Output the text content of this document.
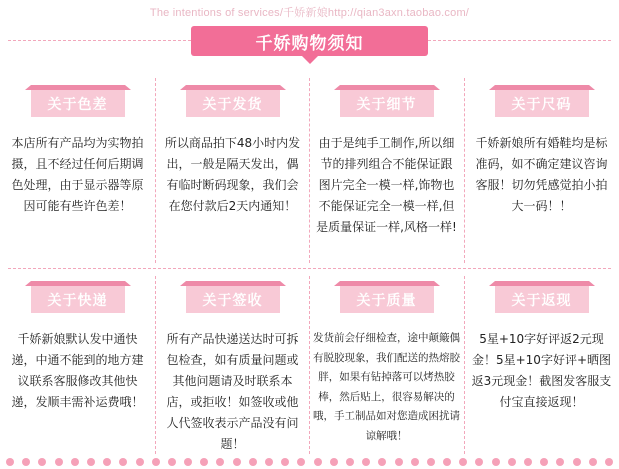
The intentions of services/千娇新娘http://qian3axn.taobao.com/
千娇购物须知
关于色差
本店所有产品均为实物拍摄，且不经过任何后期调色处理，由于显示器等原因可能有些许色差！
关于发货
所以商品拍下48小时内发出，一般是隔天发出，偶有临时断码现象，我们会在您付款后2天内通知！
关于细节
由于是纯手工制作,所以细节的排列组合不能保证跟图片完全一模一样,饰物也不能保证完全一模一样,但是质量保证一样,风格一样!
关于尺码
千娇新娘所有婚鞋均是标准码，如不确定建议咨询客服！切勿凭感觉拍小拍大一码！！
关于快递
千娇新娘默认发中通快递，中通不能到的地方建议联系客服修改其他快递，发顺丰需补运费哦！
关于签收
所有产品快递送达时可拆包检查，如有质量问题或其他问题请及时联系本店，或拒收！如签收或他人代签收表示产品没有问题！
关于质量
发货前会仔细检查，途中颠簸偶有脱胶现象，我们配送的热熔胶胖，如果有钻掉落可以烤热胶棒，然后贴上，很容易解决的哦，手工制品如对您造成困扰请谅解哦！
关于返现
5星+10字好评返2元现金！5星+10字好评+晒图返3元现金！截图发客服支付宝直接返现！
